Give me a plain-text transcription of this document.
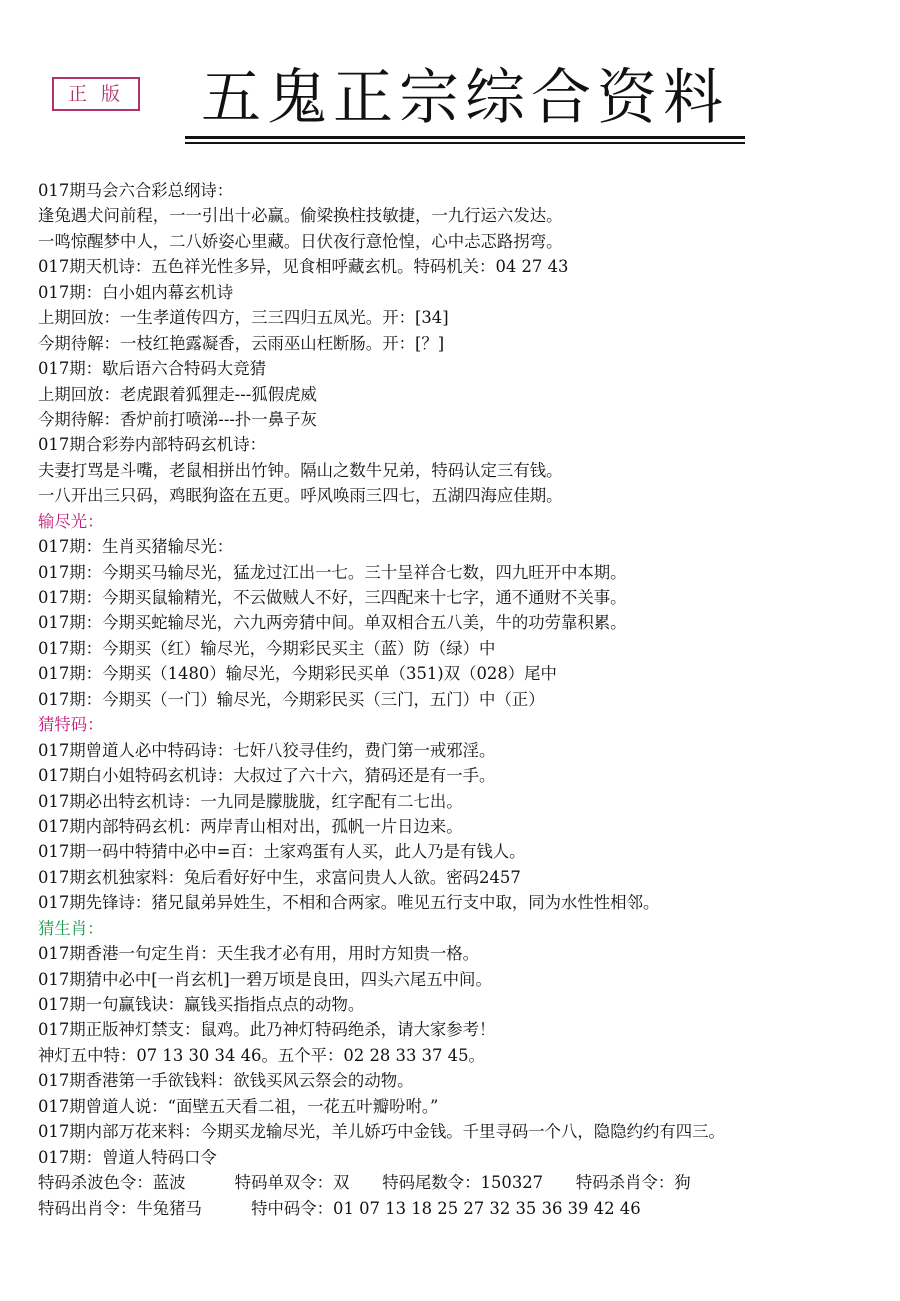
正 版 五鬼正宗综合资料
017期马会六合彩总纲诗：
逢兔遇犬问前程，一一引出十必赢。偷梁换柱技敏捷，一九行运六发达。
一鸣惊醒梦中人，二八娇姿心里藏。日伏夜行意怆惶，心中忐忑路拐弯。
017期天机诗：五色祥光性多异，见食相呼藏玄机。特码机关：04 27 43
017期：白小姐内幕玄机诗
上期回放：一生孝道传四方，三三四归五凤光。开：[34]
今期待解：一枝红艳露凝香，云雨巫山枉断肠。开：[？]
017期：歇后语六合特码大竞猜
上期回放：老虎跟着狐狸走---狐假虎威
今期待解：香炉前打喷涕---扑一鼻子灰
017期合彩券内部特码玄机诗：
夫妻打骂是斗嘴，老鼠相拼出竹钟。隔山之数牛兄弟，特码认定三有钱。
一八开出三只码，鸡眠狗盗在五更。呼风唤雨三四七，五湖四海应佳期。
输尽光：
017期：生肖买猪输尽光：
017期：今期买马输尽光，猛龙过江出一七。三十呈祥合七数，四九旺开中本期。
017期：今期买鼠输精光，不云做贼人不好，三四配来十七字，通不通财不关事。
017期：今期买蛇输尽光，六九两旁猜中间。单双相合五八美，牛的功劳靠积累。
017期：今期买（红）输尽光，今期彩民买主（蓝）防（绿）中
017期：今期买（1480）输尽光，今期彩民买单（351)双（028）尾中
017期：今期买（一门）输尽光，今期彩民买（三门，五门）中（正）
猜特码：
017期曾道人必中特码诗：七奸八狡寻佳约，费门第一戒邪淫。
017期白小姐特码玄机诗：大叔过了六十六，猜码还是有一手。
017期必出特玄机诗：一九同是朦胧胧，红字配有二七出。
017期内部特码玄机：两岸青山相对出，孤帆一片日边来。
017期一码中特猜中必中=百：土家鸡蛋有人买，此人乃是有钱人。
017期玄机独家料：兔后看好好中生，求富问贵人人欲。密码2457
017期先锋诗：猪兄鼠弟异姓生，不相和合两家。唯见五行支中取，同为水性性相邻。
猜生肖：
017期香港一句定生肖：天生我才必有用，用时方知贵一格。
017期猜中必中[一肖玄机]一碧万顷是良田，四头六尾五中间。
017期一句赢钱诀：赢钱买指指点点的动物。
017期正版神灯禁支：鼠鸡。此乃神灯特码绝杀，请大家参考！
神灯五中特：07 13 30 34 46。五个平：02 28 33 37 45。
017期香港第一手欲钱料：欲钱买风云祭会的动物。
017期曾道人说：“面壁五天看二祖，一花五叶瓣吩咐。”
017期内部万花来料：今期买龙输尽光，羊儿娇巧中金钱。千里寻码一个八，隐隐约约有四三。
017期：曾道人特码口令
特码杀波色令：蓝波　　　特码单双令：双　　特码尾数令：150327　　特码杀肖令：狗
特码出肖令：牛兔猪马　　　特中码令：01 07 13 18 25 27 32 35 36 39 42 46
